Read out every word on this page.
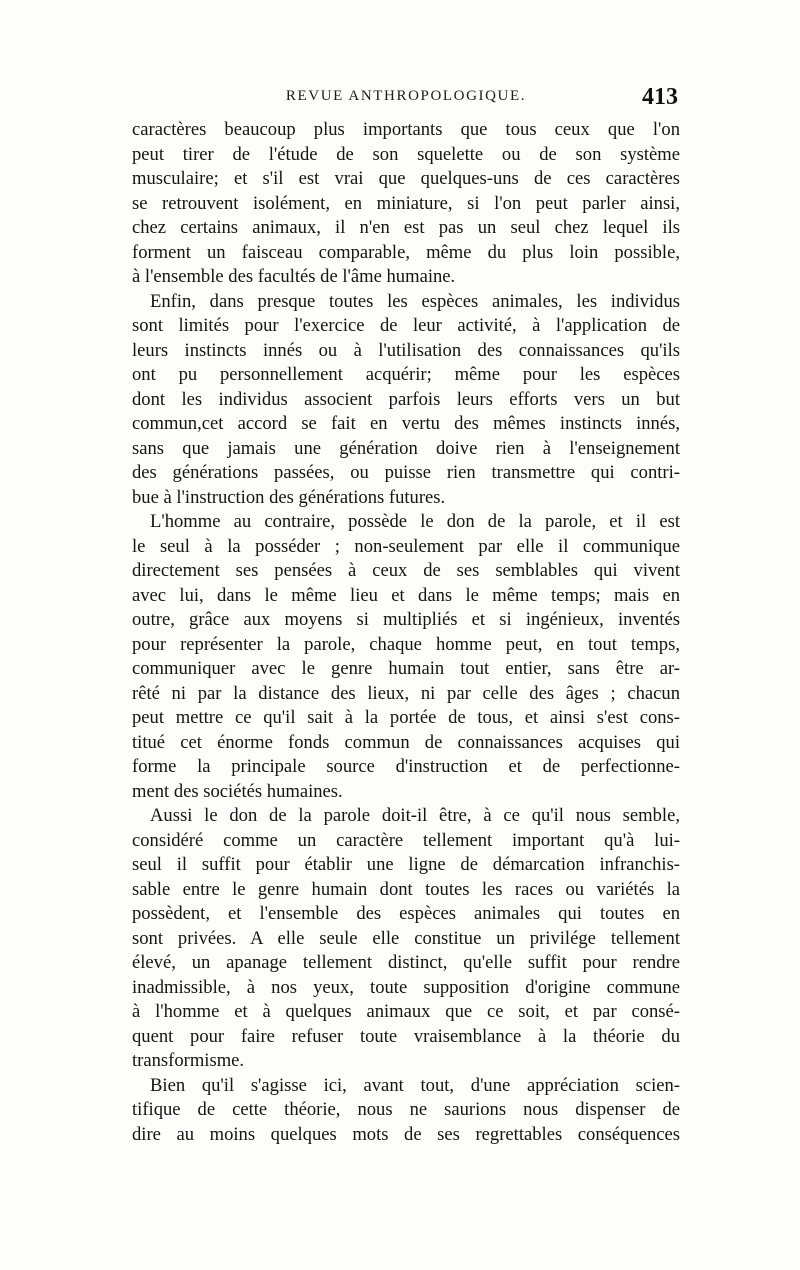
REVUE ANTHROPOLOGIQUE.	413

caractères beaucoup plus importants que tous ceux que l'on
peut tirer de l'étude de son squelette ou de son système
musculaire; et s'il est vrai que quelques-uns de ces caractères
se retrouvent isolément, en miniature, si l'on peut parler ainsi,
chez certains animaux, il n'en est pas un seul chez lequel ils
forment un faisceau comparable, même du plus loin possible,
à l'ensemble des facultés de l'âme humaine.

Enfin, dans presque toutes les espèces animales, les individus
sont limités pour l'exercice de leur activité, à l'application de
leurs instincts innés ou à l'utilisation des connaissances qu'ils
ont pu personnellement acquérir; même pour les espèces
dont les individus associent parfois leurs efforts vers un but
commun,cet accord se fait en vertu des mêmes instincts innés,
sans que jamais une génération doive rien à l'enseignement
des générations passées, ou puisse rien transmettre qui contri-
bue à l'instruction des générations futures.

L'homme au contraire, possède le don de la parole, et il est
le seul à la posséder ; non-seulement par elle il communique
directement ses pensées à ceux de ses semblables qui vivent
avec lui, dans le même lieu et dans le même temps; mais en
outre, grâce aux moyens si multipliés et si ingénieux, inventés
pour représenter la parole, chaque homme peut, en tout temps,
communiquer avec le genre humain tout entier, sans être ar-
rêté ni par la distance des lieux, ni par celle des âges ; chacun
peut mettre ce qu'il sait à la portée de tous, et ainsi s'est cons-
titué cet énorme fonds commun de connaissances acquises qui
forme la principale source d'instruction et de perfectionne-
ment des sociétés humaines.

Aussi le don de la parole doit-il être, à ce qu'il nous semble,
considéré comme un caractère tellement important qu'à lui-
seul il suffit pour établir une ligne de démarcation infranchis-
sable entre le genre humain dont toutes les races ou variétés la
possèdent, et l'ensemble des espèces animales qui toutes en
sont privées. A elle seule elle constitue un privilége tellement
élevé, un apanage tellement distinct, qu'elle suffit pour rendre
inadmissible, à nos yeux, toute supposition d'origine commune
à l'homme et à quelques animaux que ce soit, et par consé-
quent pour faire refuser toute vraisemblance à la théorie du
transformisme.

Bien qu'il s'agisse ici, avant tout, d'une appréciation scien-
tifique de cette théorie, nous ne saurions nous dispenser de
dire au moins quelques mots de ses regrettables conséquences
